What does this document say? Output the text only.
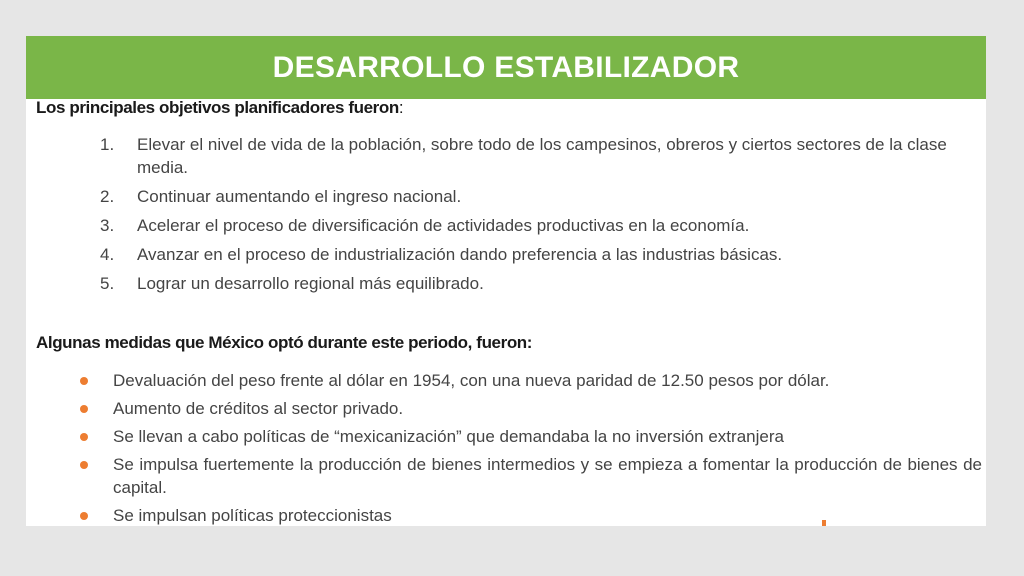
DESARROLLO ESTABILIZADOR
Los principales objetivos planificadores fueron:
1.	Elevar el nivel de vida de la población, sobre todo de los campesinos, obreros y ciertos sectores de la clase media.
2.	Continuar aumentando el ingreso nacional.
3.	Acelerar el proceso de diversificación de actividades productivas en la economía.
4.	Avanzar en el proceso de industrialización dando preferencia a las industrias básicas.
5.	Lograr un desarrollo regional más equilibrado.
Algunas medidas que México optó durante este periodo, fueron:
Devaluación del peso frente al dólar en 1954, con una nueva paridad de 12.50 pesos por dólar.
Aumento de créditos al sector privado.
Se llevan a cabo políticas de “mexicanización” que demandaba la no inversión extranjera
Se impulsa fuertemente la producción de bienes intermedios y se empieza a fomentar la producción de bienes de capital.
Se impulsan políticas proteccionistas
